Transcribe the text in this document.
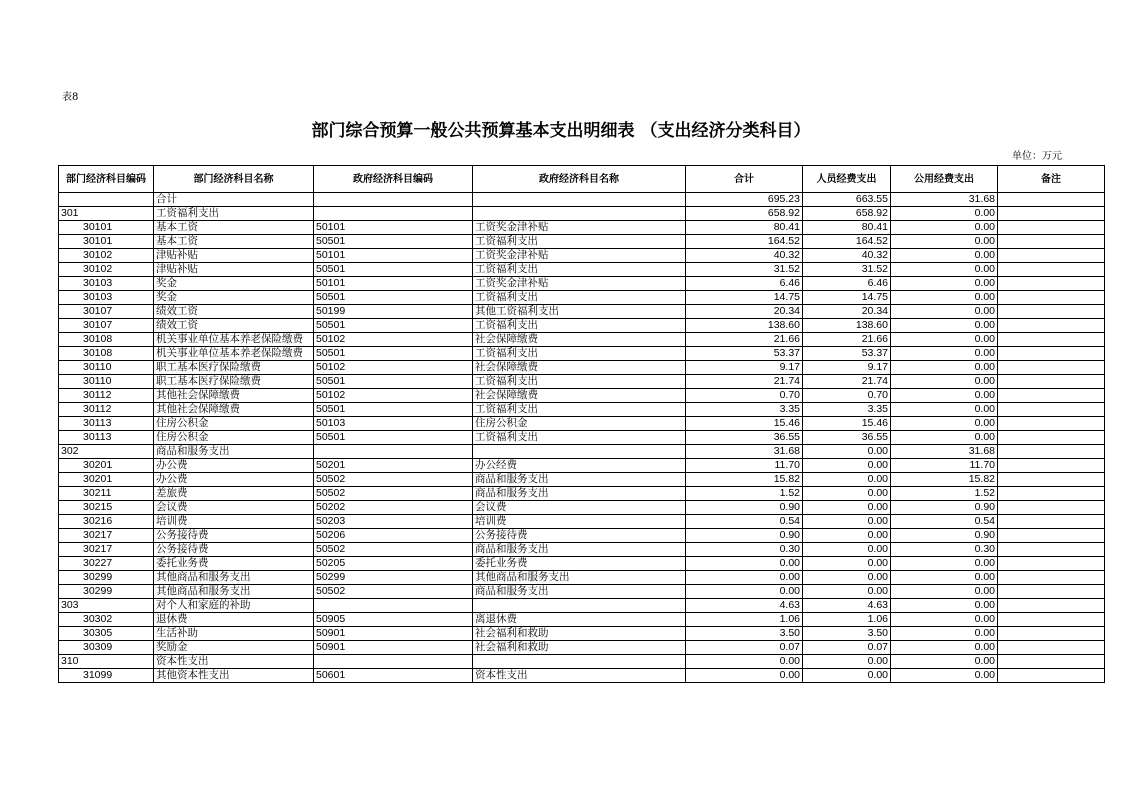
表8
部门综合预算一般公共预算基本支出明细表 （支出经济分类科目）
单位：万元
部门经济科目编码	部门经济科目名称	政府经济科目编码	政府经济科目名称	合计	人员经费支出	公用经费支出	备注
	合计			695.23	663.55	31.68	
301	工资福利支出			658.92	658.92	0.00	
30101	基本工资	50101	工资奖金津补贴	80.41	80.41	0.00	
30101	基本工资	50501	工资福利支出	164.52	164.52	0.00	
30102	津贴补贴	50101	工资奖金津补贴	40.32	40.32	0.00	
30102	津贴补贴	50501	工资福利支出	31.52	31.52	0.00	
30103	奖金	50101	工资奖金津补贴	6.46	6.46	0.00	
30103	奖金	50501	工资福利支出	14.75	14.75	0.00	
30107	绩效工资	50199	其他工资福利支出	20.34	20.34	0.00	
30107	绩效工资	50501	工资福利支出	138.60	138.60	0.00	
30108	机关事业单位基本养老保险缴费	50102	社会保障缴费	21.66	21.66	0.00	
30108	机关事业单位基本养老保险缴费	50501	工资福利支出	53.37	53.37	0.00	
30110	职工基本医疗保险缴费	50102	社会保障缴费	9.17	9.17	0.00	
30110	职工基本医疗保险缴费	50501	工资福利支出	21.74	21.74	0.00	
30112	其他社会保障缴费	50102	社会保障缴费	0.70	0.70	0.00	
30112	其他社会保障缴费	50501	工资福利支出	3.35	3.35	0.00	
30113	住房公积金	50103	住房公积金	15.46	15.46	0.00	
30113	住房公积金	50501	工资福利支出	36.55	36.55	0.00	
302	商品和服务支出			31.68	0.00	31.68	
30201	办公费	50201	办公经费	11.70	0.00	11.70	
30201	办公费	50502	商品和服务支出	15.82	0.00	15.82	
30211	差旅费	50502	商品和服务支出	1.52	0.00	1.52	
30215	会议费	50202	会议费	0.90	0.00	0.90	
30216	培训费	50203	培训费	0.54	0.00	0.54	
30217	公务接待费	50206	公务接待费	0.90	0.00	0.90	
30217	公务接待费	50502	商品和服务支出	0.30	0.00	0.30	
30227	委托业务费	50205	委托业务费	0.00	0.00	0.00	
30299	其他商品和服务支出	50299	其他商品和服务支出	0.00	0.00	0.00	
30299	其他商品和服务支出	50502	商品和服务支出	0.00	0.00	0.00	
303	对个人和家庭的补助			4.63	4.63	0.00	
30302	退休费	50905	离退休费	1.06	1.06	0.00	
30305	生活补助	50901	社会福利和救助	3.50	3.50	0.00	
30309	奖励金	50901	社会福利和救助	0.07	0.07	0.00	
310	资本性支出			0.00	0.00	0.00	
31099	其他资本性支出	50601	资本性支出	0.00	0.00	0.00	
